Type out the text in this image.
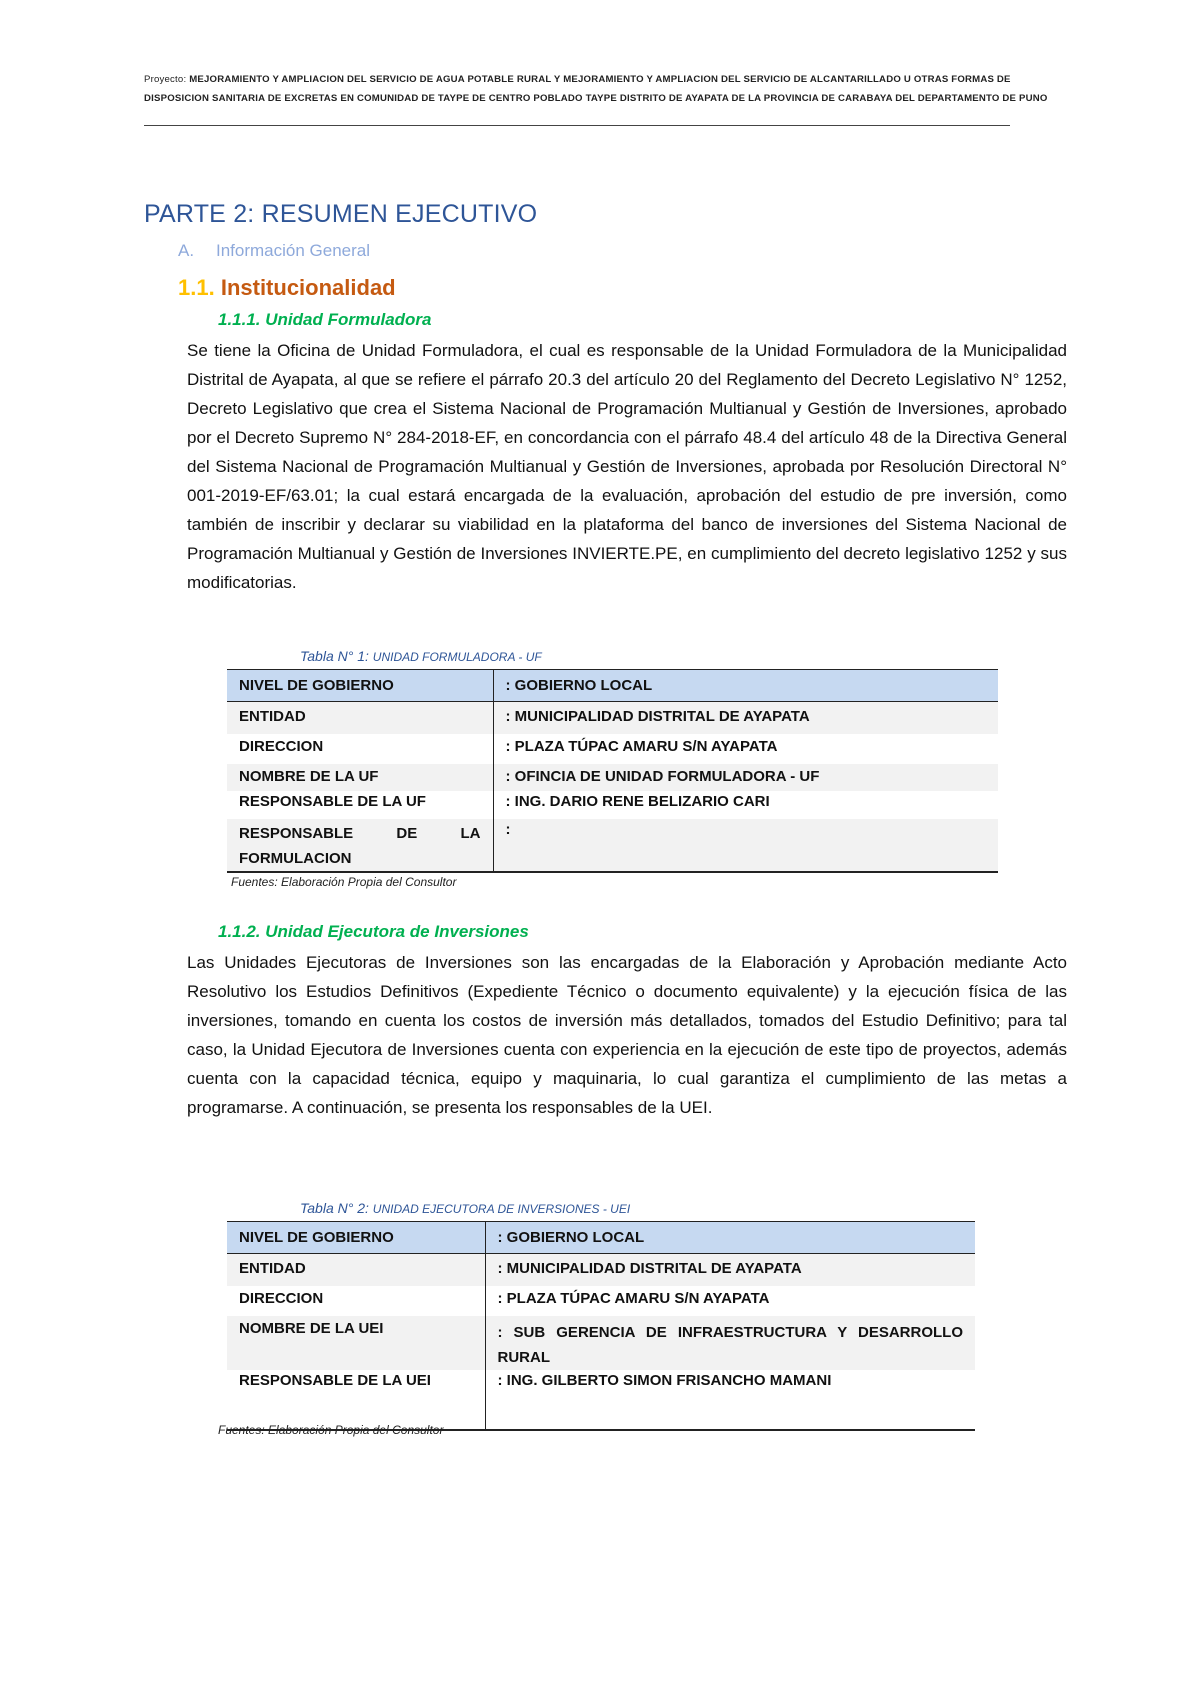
Proyecto: MEJORAMIENTO Y AMPLIACION DEL SERVICIO DE AGUA POTABLE RURAL Y MEJORAMIENTO Y AMPLIACION DEL SERVICIO DE ALCANTARILLADO U OTRAS FORMAS DE DISPOSICION SANITARIA DE EXCRETAS EN COMUNIDAD DE TAYPE DE CENTRO POBLADO TAYPE DISTRITO DE AYAPATA DE LA PROVINCIA DE CARABAYA DEL DEPARTAMENTO DE PUNO
PARTE 2: RESUMEN EJECUTIVO
A. Información General
1.1. Institucionalidad
1.1.1. Unidad Formuladora
Se tiene la Oficina de Unidad Formuladora, el cual es responsable de la Unidad Formuladora de la Municipalidad Distrital de Ayapata, al que se refiere el párrafo 20.3 del artículo 20 del Reglamento del Decreto Legislativo N° 1252, Decreto Legislativo que crea el Sistema Nacional de Programación Multianual y Gestión de Inversiones, aprobado por el Decreto Supremo N° 284-2018-EF, en concordancia con el párrafo 48.4 del artículo 48 de la Directiva General del Sistema Nacional de Programación Multianual y Gestión de Inversiones, aprobada por Resolución Directoral N° 001-2019-EF/63.01; la cual estará encargada de la evaluación, aprobación del estudio de pre inversión, como también de inscribir y declarar su viabilidad en la plataforma del banco de inversiones del Sistema Nacional de Programación Multianual y Gestión de Inversiones INVIERTE.PE, en cumplimiento del decreto legislativo 1252 y sus modificatorias.
Tabla N° 1: UNIDAD FORMULADORA - UF
NIVEL DE GOBIERNO	: GOBIERNO LOCAL
ENTIDAD	: MUNICIPALIDAD DISTRITAL DE AYAPATA
DIRECCION	: PLAZA TÚPAC AMARU S/N AYAPATA
NOMBRE DE LA UF	: OFINCIA DE UNIDAD FORMULADORA - UF
RESPONSABLE DE LA UF	: ING. DARIO RENE BELIZARIO CARI

RESPONSABLE DE LA
FORMULACION	:
Fuentes: Elaboración Propia del Consultor
1.1.2. Unidad Ejecutora de Inversiones
Las Unidades Ejecutoras de Inversiones son las encargadas de la Elaboración y Aprobación mediante Acto Resolutivo los Estudios Definitivos (Expediente Técnico o documento equivalente) y la ejecución física de las inversiones, tomando en cuenta los costos de inversión más detallados, tomados del Estudio Definitivo; para tal caso, la Unidad Ejecutora de Inversiones cuenta con experiencia en la ejecución de este tipo de proyectos, además cuenta con la capacidad técnica, equipo y maquinaria, lo cual garantiza el cumplimiento de las metas a programarse. A continuación, se presenta los responsables de la UEI.
Tabla N° 2: UNIDAD EJECUTORA DE INVERSIONES - UEI
NIVEL DE GOBIERNO	: GOBIERNO LOCAL
ENTIDAD	: MUNICIPALIDAD DISTRITAL DE AYAPATA
DIRECCION	: PLAZA TÚPAC AMARU S/N AYAPATA
NOMBRE DE LA UEI	: SUB GERENCIA DE INFRAESTRUCTURA Y DESARROLLO
RURAL

RESPONSABLE DE LA UEI	: ING. GILBERTO SIMON FRISANCHO MAMANI
Fuentes: Elaboración Propia del Consultor
